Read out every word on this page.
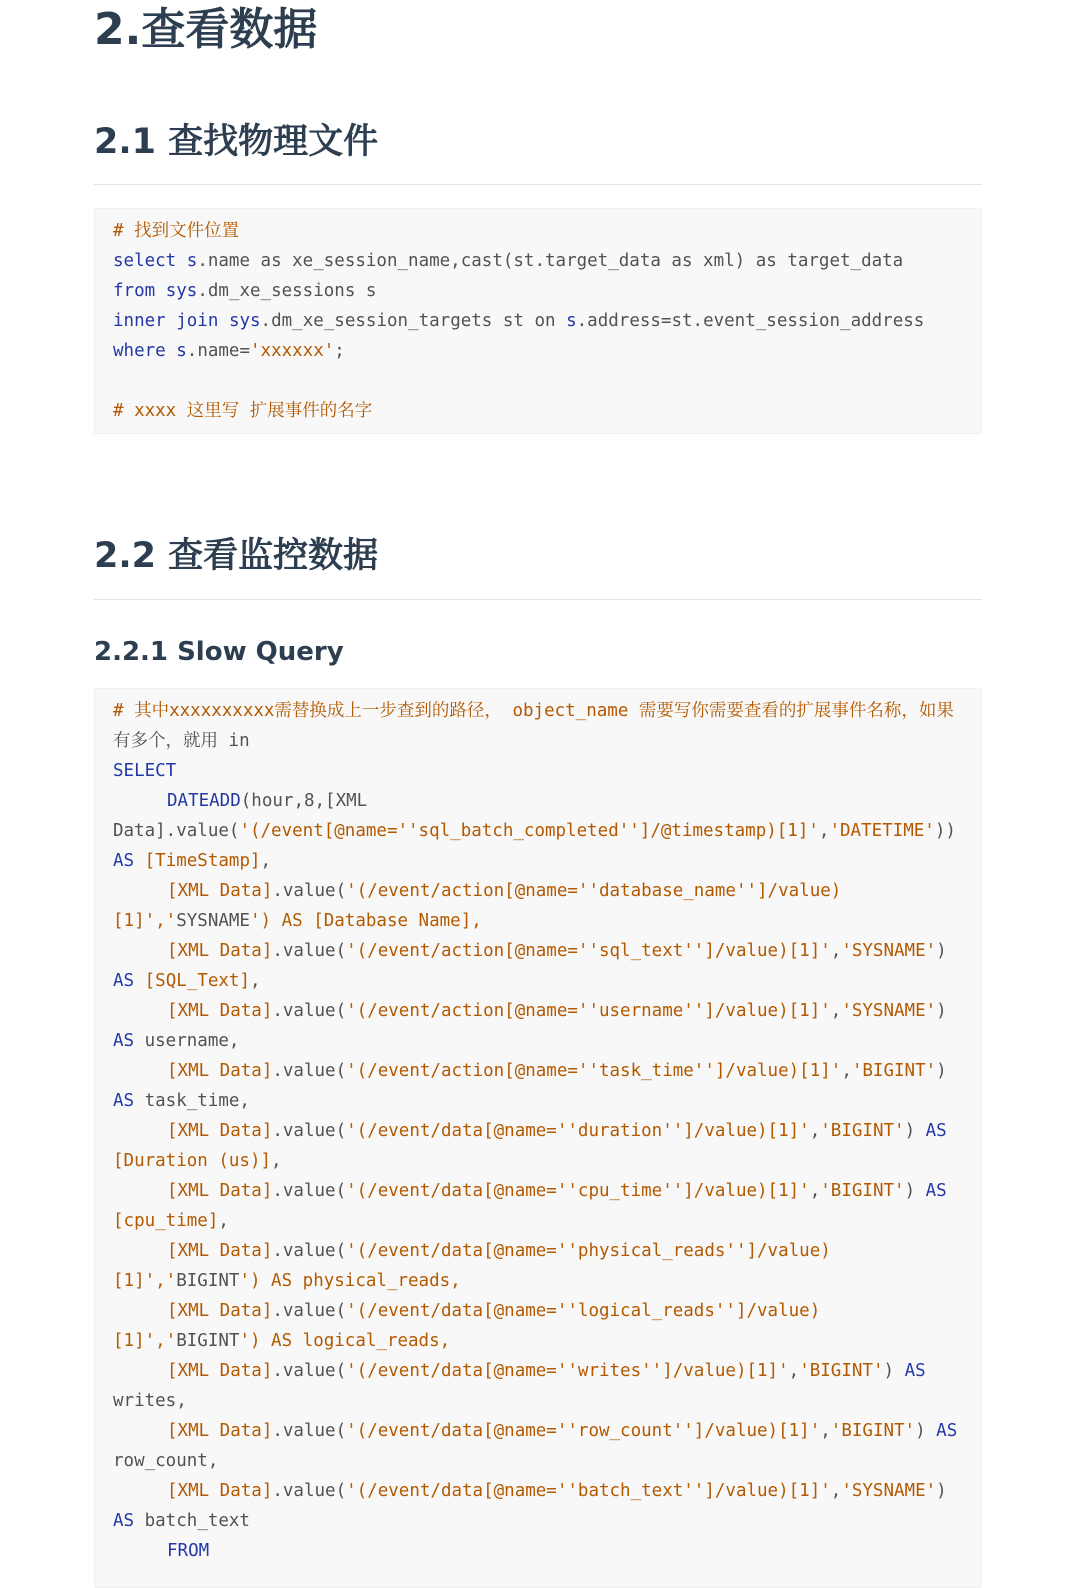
2.查看数据
2.1 查找物理文件
# 找到文件位置
select s.name as xe_session_name,cast(st.target_data as xml) as target_data
from sys.dm_xe_sessions s
inner join sys.dm_xe_session_targets st on s.address=st.event_session_address
where s.name='xxxxxx';
# xxxx 这里写 扩展事件的名字
2.2 查看监控数据
2.2.1 Slow Query
# 其中xxxxxxxxxx需替换成上一步查到的路径， object_name 需要写你需要查看的扩展事件名称，如果
有多个，就用 in
SELECT
DATEADD(hour,8,[XML
Data].value('(/event[@name=''sql_batch_completed'']/@timestamp)[1]','DATETIME'))
AS [TimeStamp],
[XML Data].value('(/event/action[@name=''database_name'']/value)
[1]','SYSNAME') AS [Database Name],
[XML Data].value('(/event/action[@name=''sql_text'']/value)[1]','SYSNAME')
AS [SQL_Text],
[XML Data].value('(/event/action[@name=''username'']/value)[1]','SYSNAME')
AS username,
[XML Data].value('(/event/action[@name=''task_time'']/value)[1]','BIGINT')
AS task_time,
[XML Data].value('(/event/data[@name=''duration'']/value)[1]','BIGINT') AS
[Duration (us)],
[XML Data].value('(/event/data[@name=''cpu_time'']/value)[1]','BIGINT') AS
[cpu_time],
[XML Data].value('(/event/data[@name=''physical_reads'']/value)
[1]','BIGINT') AS physical_reads,
[XML Data].value('(/event/data[@name=''logical_reads'']/value)
[1]','BIGINT') AS logical_reads,
[XML Data].value('(/event/data[@name=''writes'']/value)[1]','BIGINT') AS
writes,
[XML Data].value('(/event/data[@name=''row_count'']/value)[1]','BIGINT') AS
row_count,
[XML Data].value('(/event/data[@name=''batch_text'']/value)[1]','SYSNAME')
AS batch_text
FROM
